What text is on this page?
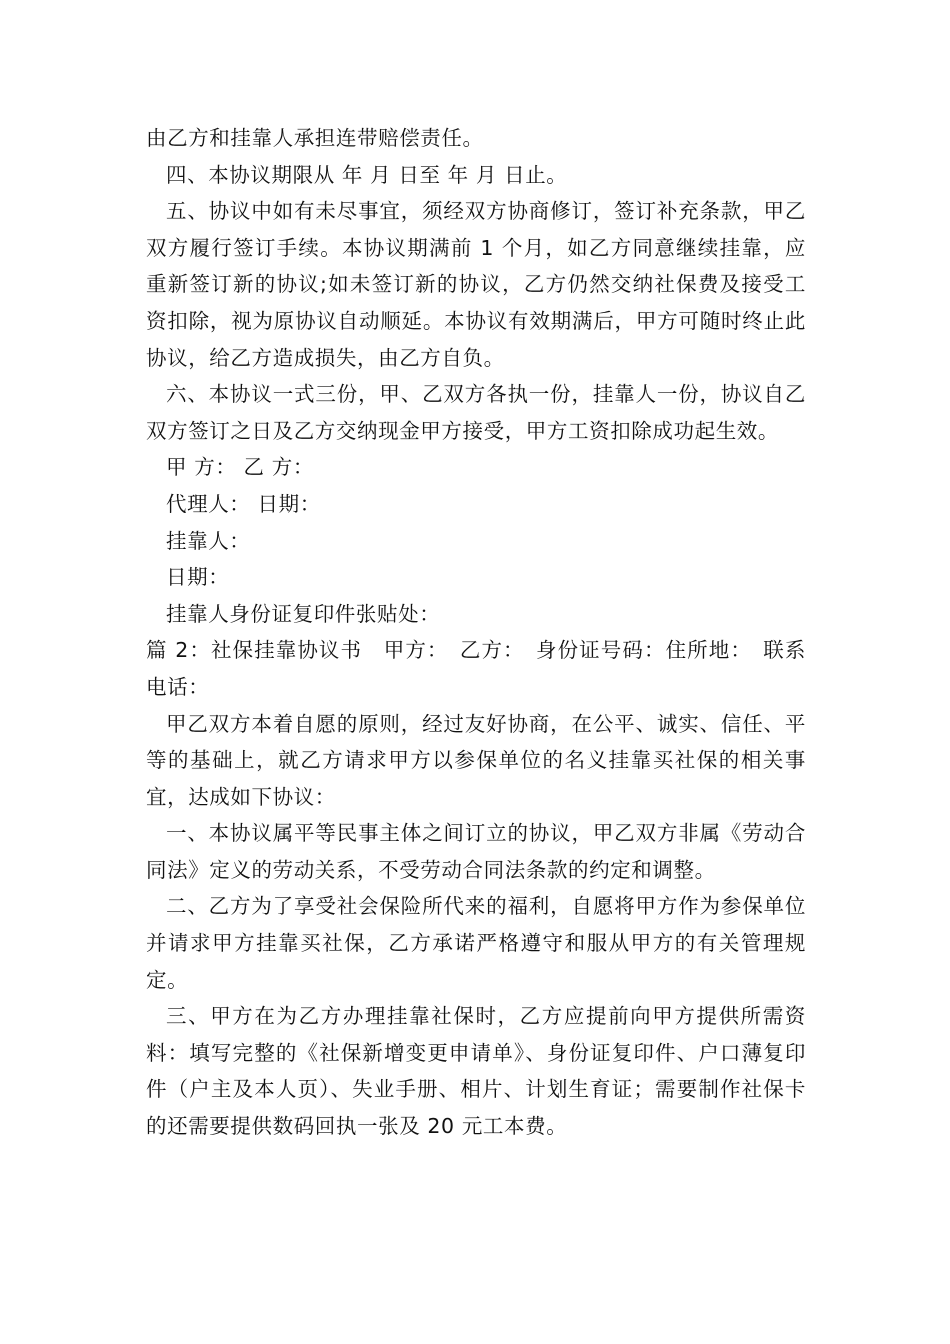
由乙方和挂靠人承担连带赔偿责任。

四、本协议期限从 年 月 日至 年 月 日止。

五、协议中如有未尽事宜，须经双方协商修订，签订补充条款，甲乙双方履行签订手续。本协议期满前 1 个月，如乙方同意继续挂靠，应重新签订新的协议;如未签订新的协议，乙方仍然交纳社保费及接受工资扣除，视为原协议自动顺延。本协议有效期满后，甲方可随时终止此协议，给乙方造成损失，由乙方自负。

六、本协议一式三份，甲、乙双方各执一份，挂靠人一份，协议自乙双方签订之日及乙方交纳现金甲方接受，甲方工资扣除成功起生效。

甲 方： 乙 方：

代理人： 日期：

挂靠人：

日期：

挂靠人身份证复印件张贴处：

篇 2：社保挂靠协议书　甲方：　乙方：　身份证号码：住所地：　联系电话：

甲乙双方本着自愿的原则，经过友好协商，在公平、诚实、信任、平等的基础上，就乙方请求甲方以参保单位的名义挂靠买社保的相关事宜，达成如下协议：

一、本协议属平等民事主体之间订立的协议，甲乙双方非属《劳动合同法》定义的劳动关系，不受劳动合同法条款的约定和调整。

二、乙方为了享受社会保险所代来的福利，自愿将甲方作为参保单位并请求甲方挂靠买社保，乙方承诺严格遵守和服从甲方的有关管理规定。

三、甲方在为乙方办理挂靠社保时，乙方应提前向甲方提供所需资料：填写完整的《社保新增变更申请单》、身份证复印件、户口薄复印件（户主及本人页）、失业手册、相片、计划生育证；需要制作社保卡的还需要提供数码回执一张及 20 元工本费。
